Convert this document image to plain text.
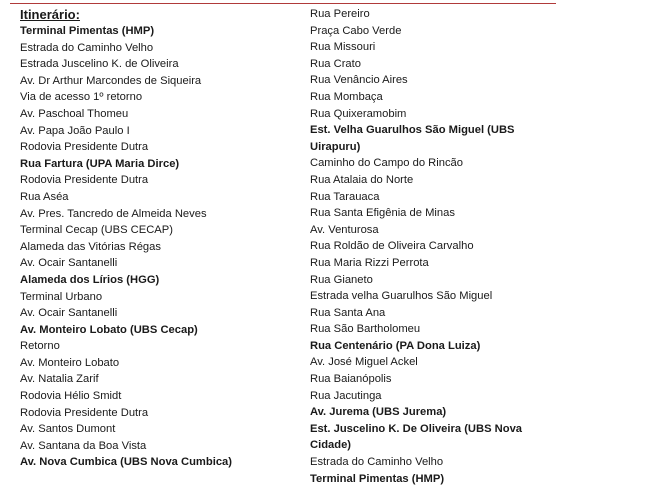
Itinerário:
Terminal Pimentas (HMP)
Estrada do Caminho Velho
Estrada Juscelino K. de Oliveira
Av. Dr Arthur Marcondes de Siqueira
Via de acesso 1º retorno
Av. Paschoal Thomeu
Av. Papa João Paulo I
Rodovia Presidente Dutra
Rua Fartura (UPA Maria Dirce)
Rodovia Presidente Dutra
Rua Aséa
Av. Pres. Tancredo de Almeida Neves
Terminal Cecap (UBS CECAP)
Alameda das Vitórias Régas
Av. Ocair Santanelli
Alameda dos Lírios (HGG)
Terminal Urbano
Av. Ocair Santanelli
Av. Monteiro Lobato (UBS Cecap)
Retorno
Av. Monteiro Lobato
Av. Natalia Zarif
Rodovia Hélio Smidt
Rodovia Presidente Dutra
Av. Santos Dumont
Av. Santana da Boa Vista
Av. Nova Cumbica (UBS Nova Cumbica)
Rua Pereiro
Praça Cabo Verde
Rua Missouri
Rua Crato
Rua Venâncio Aires
Rua Mombaça
Rua Quixeramobim
Est. Velha Guarulhos São Miguel (UBS Uirapuru)
Caminho do Campo do Rincão
Rua Atalaia do Norte
Rua Tarauaca
Rua Santa Efigênia de Minas
Av. Venturosa
Rua Roldão de Oliveira Carvalho
Rua Maria Rizzi Perrota
Rua Gianeto
Estrada velha Guarulhos São Miguel
Rua Santa Ana
Rua São Bartholomeu
Rua Centenário (PA Dona Luiza)
Av. José Miguel Ackel
Rua Baianópolis
Rua Jacutinga
Av. Jurema (UBS Jurema)
Est. Juscelino K. De Oliveira (UBS Nova Cidade)
Estrada do Caminho Velho
Terminal Pimentas (HMP)
